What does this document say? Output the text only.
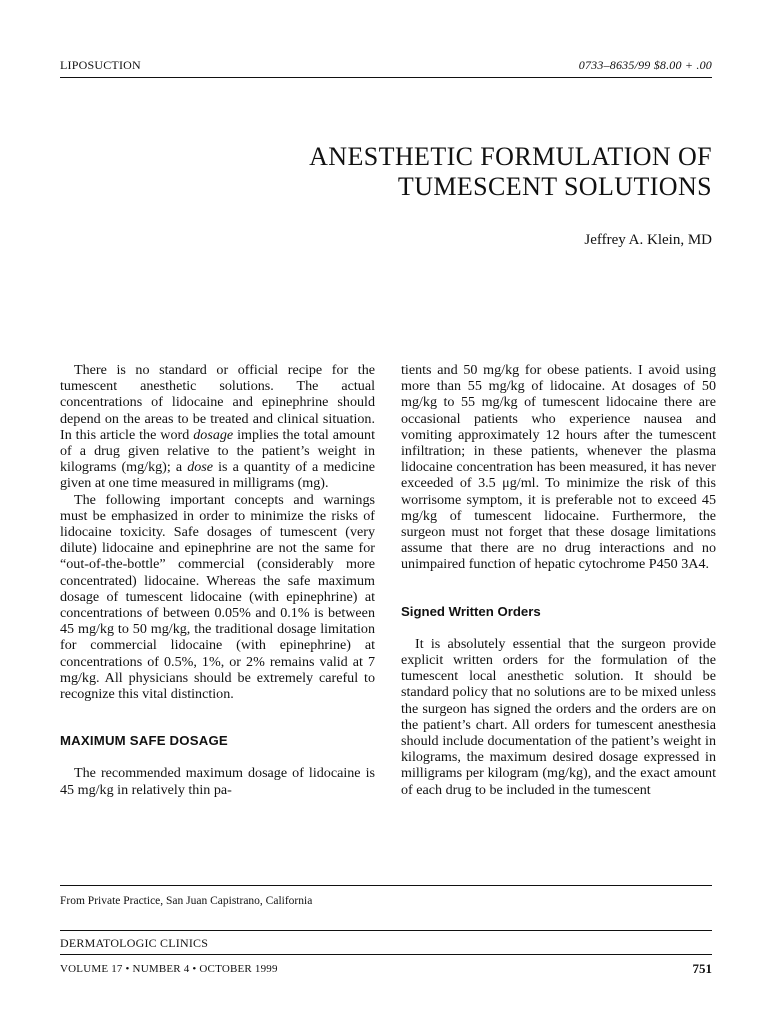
LIPOSUCTION	0733–8635/99 $8.00 + .00
ANESTHETIC FORMULATION OF
TUMESCENT SOLUTIONS
Jeffrey A. Klein, MD

There is no standard or official recipe for the tumescent anesthetic solutions. The actual concentrations of lidocaine and epinephrine should depend on the areas to be treated and clinical situation. In this article the word dosage implies the total amount of a drug given relative to the patient’s weight in kilograms (mg/kg); a dose is a quantity of a medicine given at one time measured in milligrams (mg).

The following important concepts and warnings must be emphasized in order to minimize the risks of lidocaine toxicity. Safe dosages of tumescent (very dilute) lidocaine and epinephrine are not the same for “out-of-the-bottle” commercial (considerably more concentrated) lidocaine. Whereas the safe maximum dosage of tumescent lidocaine (with epinephrine) at concentrations of between 0.05% and 0.1% is between 45 mg/kg to 50 mg/kg, the traditional dosage limitation for commercial lidocaine (with epinephrine) at concentrations of 0.5%, 1%, or 2% remains valid at 7 mg/kg. All physicians should be extremely careful to recognize this vital distinction.

MAXIMUM SAFE DOSAGE

The recommended maximum dosage of lidocaine is 45 mg/kg in relatively thin pa-

tients and 50 mg/kg for obese patients. I avoid using more than 55 mg/kg of lidocaine. At dosages of 50 mg/kg to 55 mg/kg of tumescent lidocaine there are occasional patients who experience nausea and vomiting approximately 12 hours after the tumescent infiltration; in these patients, whenever the plasma lidocaine concentration has been measured, it has never exceeded of 3.5 μg/ml. To minimize the risk of this worrisome symptom, it is preferable not to exceed 45 mg/kg of tumescent lidocaine. Furthermore, the surgeon must not forget that these dosage limitations assume that there are no drug interactions and no unimpaired function of hepatic cytochrome P450 3A4.

Signed Written Orders

It is absolutely essential that the surgeon provide explicit written orders for the formulation of the tumescent local anesthetic solution. It should be standard policy that no solutions are to be mixed unless the surgeon has signed the orders and the orders are on the patient’s chart. All orders for tumescent anesthesia should include documentation of the patient’s weight in kilograms, the maximum desired dosage expressed in milligrams per kilogram (mg/kg), and the exact amount of each drug to be included in the tumescent

From Private Practice, San Juan Capistrano, California
DERMATOLOGIC CLINICS
VOLUME 17 • NUMBER 4 • OCTOBER 1999	751
